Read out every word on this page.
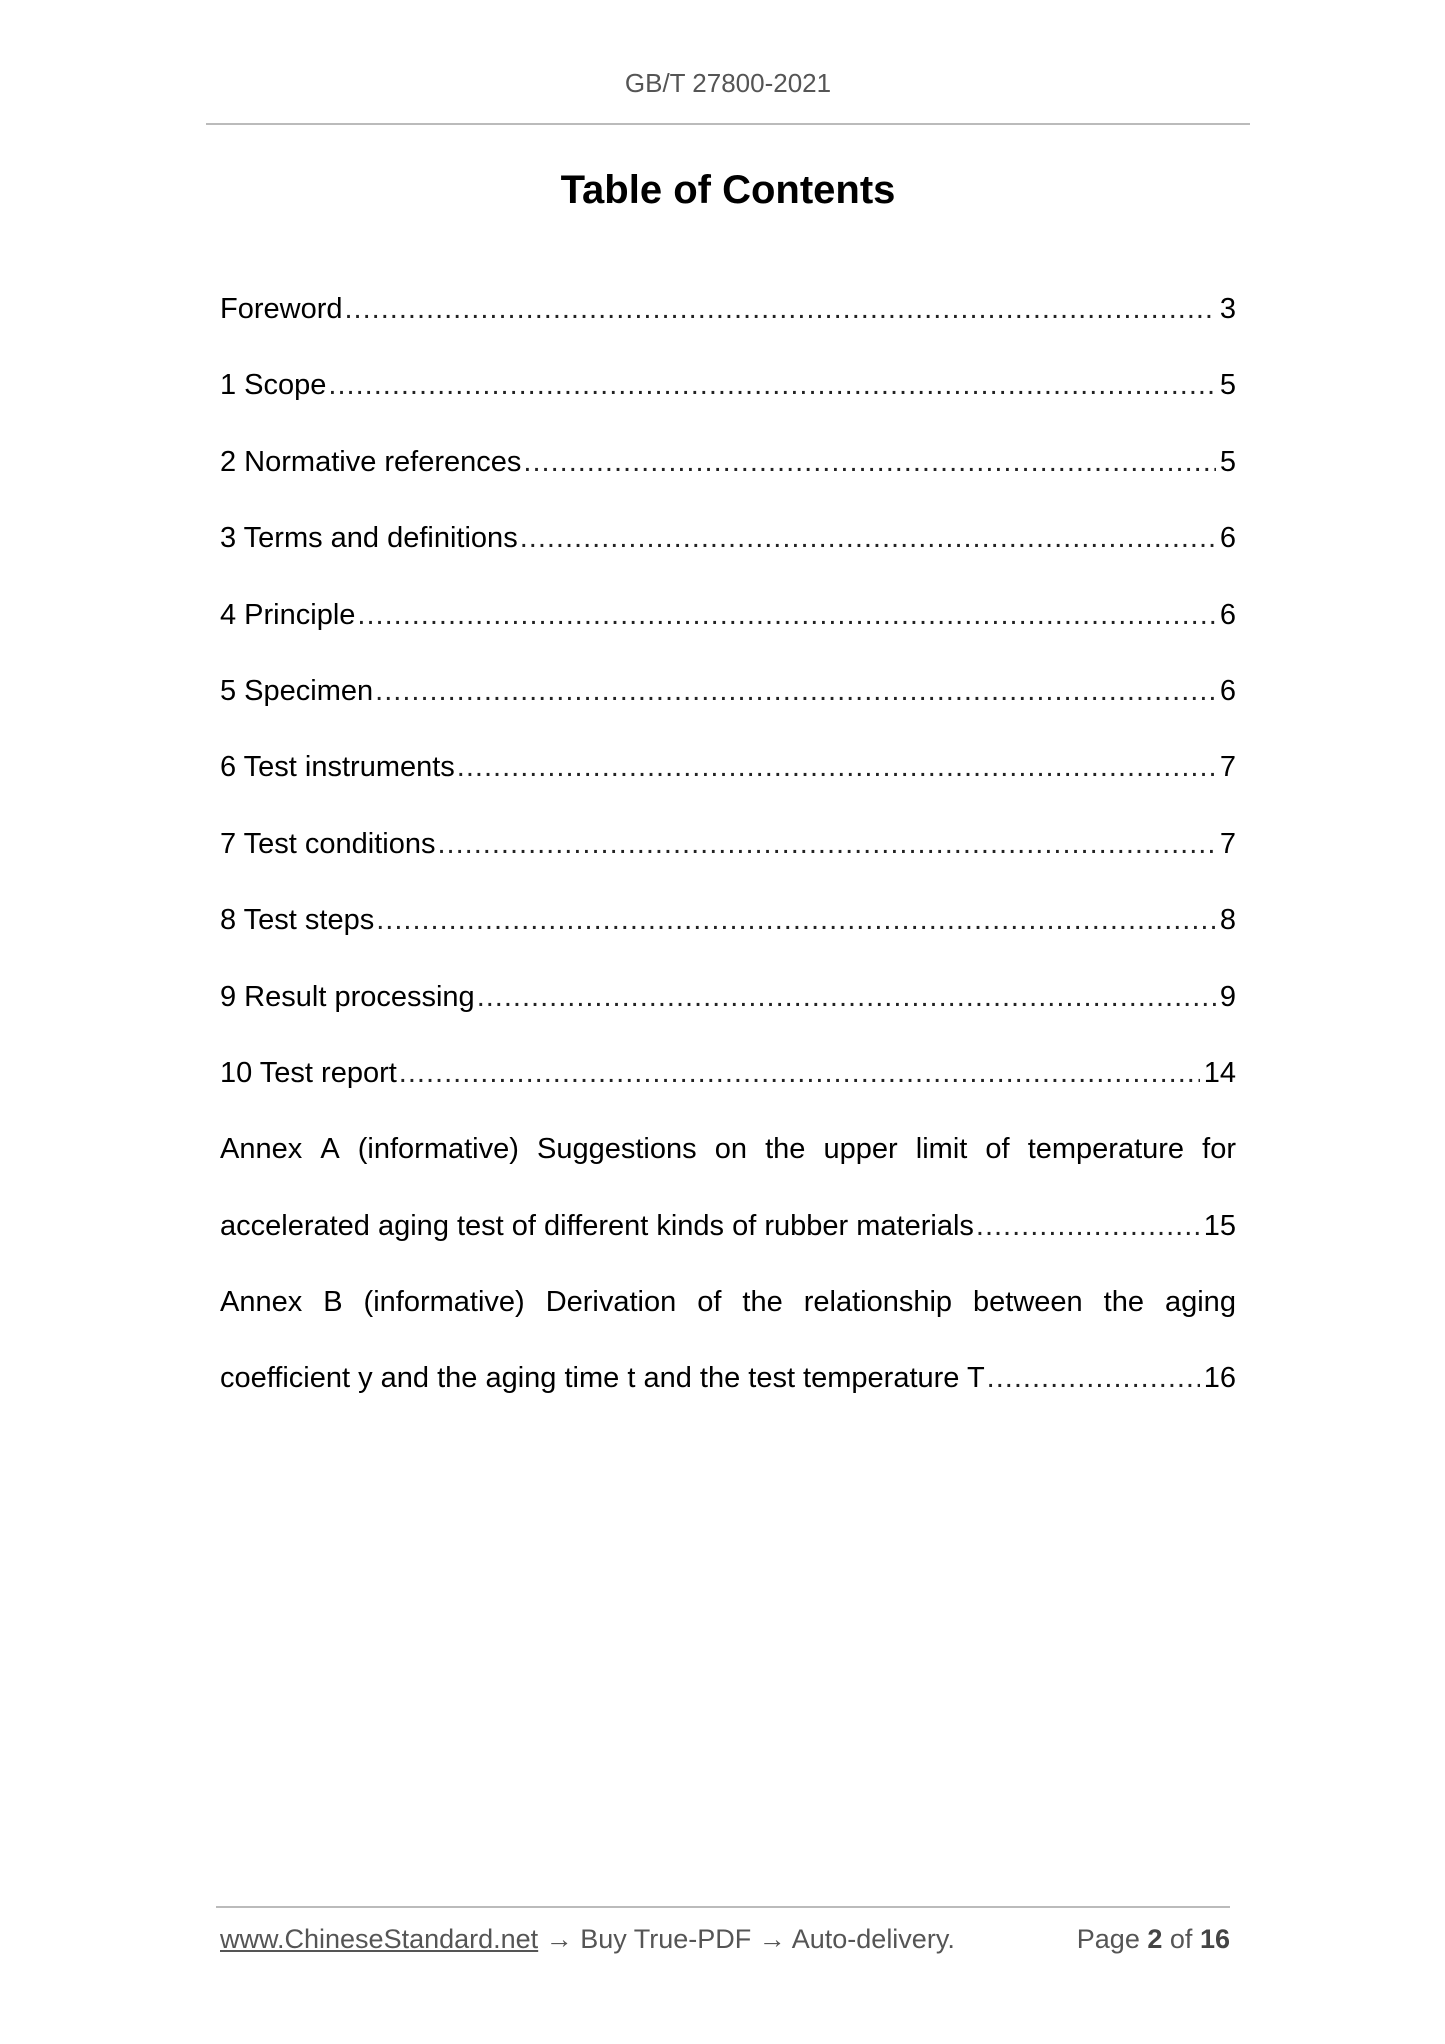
GB/T 27800-2021
Table of Contents
Foreword .....	3
1 Scope .....	5
2 Normative references .....	5
3 Terms and definitions .....	6
4 Principle .....	6
5 Specimen .....	6
6 Test instruments .....	7
7 Test conditions .....	7
8 Test steps .....	8
9 Result processing .....	9
10 Test report .....	14
Annex A (informative) Suggestions on the upper limit of temperature for
accelerated aging test of different kinds of rubber materials .....	15
Annex B (informative) Derivation of the relationship between the aging
coefficient y and the aging time t and the test temperature T .....	16
www.ChineseStandard.net → Buy True-PDF → Auto-delivery.	Page 2 of 16
